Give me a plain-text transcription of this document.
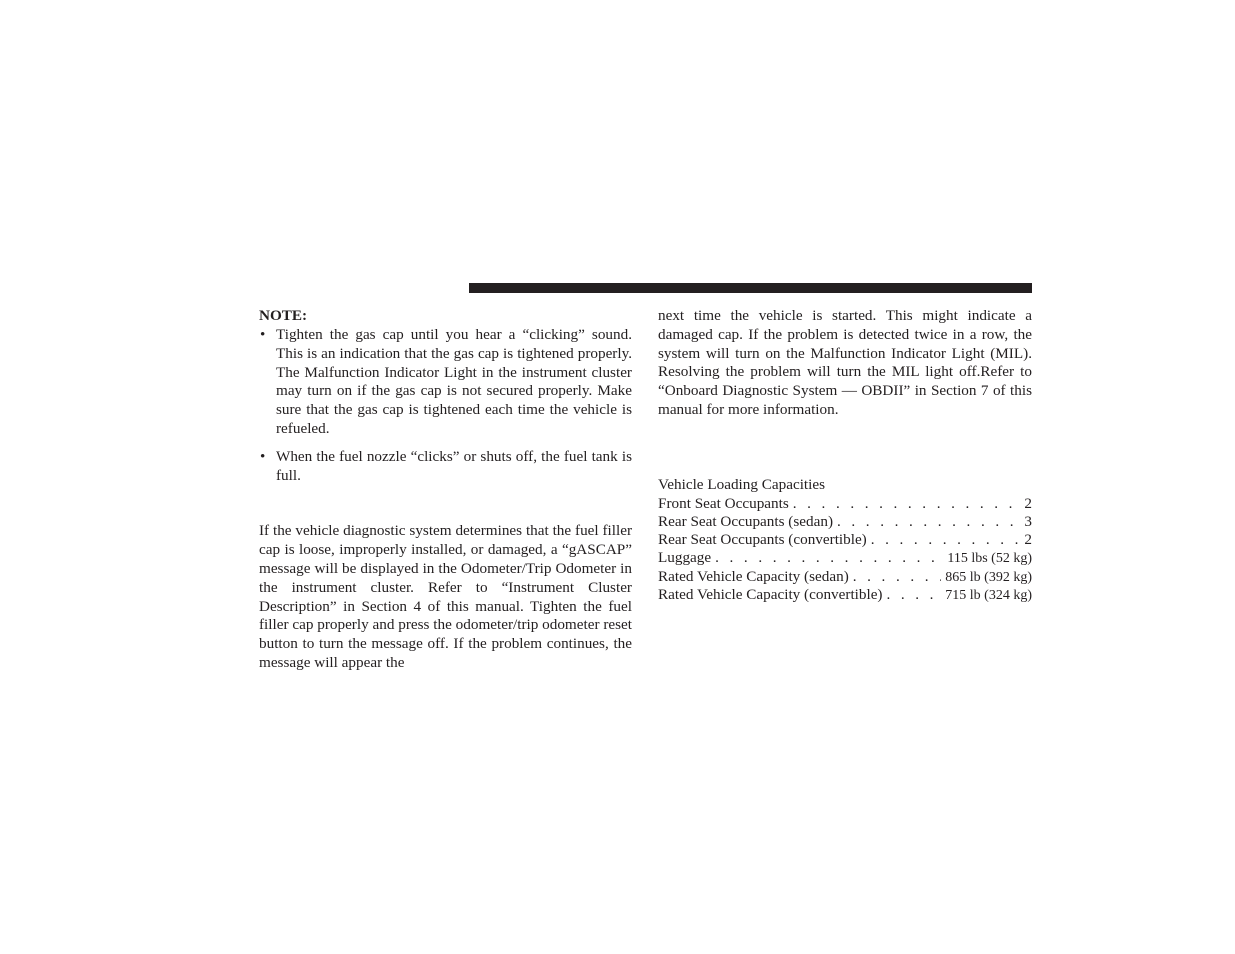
NOTE:

• Tighten the gas cap until you hear a “clicking” sound. This is an indication that the gas cap is tightened properly. The Malfunction Indicator Light in the instrument cluster may turn on if the gas cap is not secured properly. Make sure that the gas cap is tightened each time the vehicle is refueled.
• When the fuel nozzle “clicks” or shuts off, the fuel tank is full.

If the vehicle diagnostic system determines that the fuel filler cap is loose, improperly installed, or damaged, a “gASCAP” message will be displayed in the Odometer/Trip Odometer in the instrument cluster. Refer to “Instrument Cluster Description” in Section 4 of this manual. Tighten the fuel filler cap properly and press the odometer/trip odometer reset button to turn the message off. If the problem continues, the message will appear the

next time the vehicle is started. This might indicate a damaged cap. If the problem is detected twice in a row, the system will turn on the Malfunction Indicator Light (MIL). Resolving the problem will turn the MIL light off.Refer to “Onboard Diagnostic System — OBDII” in Section 7 of this manual for more information.

Vehicle Loading Capacities

Front Seat Occupants . . .	2
Rear Seat Occupants (sedan) . . .	3
Rear Seat Occupants (convertible) . . .	2
Luggage . . .	115 lbs (52 kg)
Rated Vehicle Capacity (sedan) . . .	865 lb (392 kg)
Rated Vehicle Capacity (convertible) . . .	715 lb (324 kg)
